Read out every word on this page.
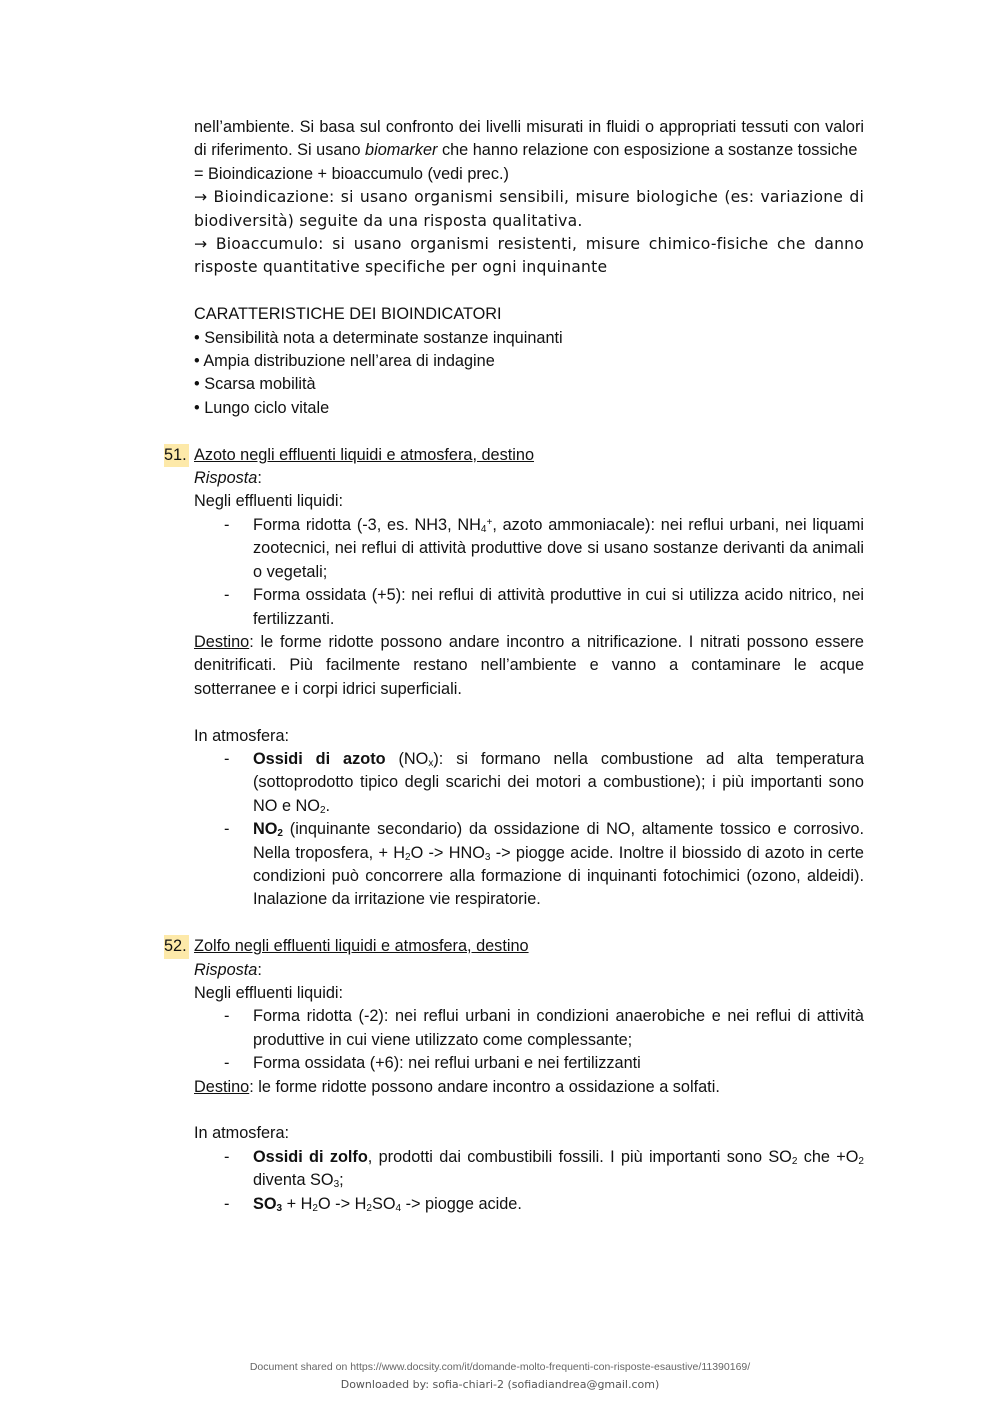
nell’ambiente. Si basa sul confronto dei livelli misurati in fluidi o appropriati tessuti con valori di riferimento. Si usano biomarker che hanno relazione con esposizione a sostanze tossiche

= Bioindicazione + bioaccumulo (vedi prec.)

→ Bioindicazione: si usano organismi sensibili, misure biologiche (es: variazione di biodiversità) seguite da una risposta qualitativa.

→ Bioaccumulo: si usano organismi resistenti, misure chimico-fisiche che danno risposte quantitative specifiche per ogni inquinante

CARATTERISTICHE DEI BIOINDICATORI

• Sensibilità nota a determinate sostanze inquinanti

• Ampia distribuzione nell’area di indagine

• Scarsa mobilità

• Lungo ciclo vitale

51. Azoto negli effluenti liquidi e atmosfera, destino

Risposta:

Negli effluenti liquidi:

- Forma ridotta (-3, es. NH3, $NH_4^+$, azoto ammoniacale): nei reflui urbani, nei liquami zootecnici, nei reflui di attività produttive dove si usano sostanze derivanti da animali o vegetali;
- Forma ossidata (+5): nei reflui di attività produttive in cui si utilizza acido nitrico, nei fertilizzanti.

Destino: le forme ridotte possono andare incontro a nitrificazione. I nitrati possono essere denitrificati. Più facilmente restano nell’ambiente e vanno a contaminare le acque sotterranee e i corpi idrici superficiali.

In atmosfera:

- Ossidi di azoto $(NO_x)$: si formano nella combustione ad alta temperatura (sottoprodotto tipico degli scarichi dei motori a combustione); i più importanti sono NO e $NO_2$.
- $NO_2$ (inquinante secondario) da ossidazione di NO, altamente tossico e corrosivo. Nella troposfera, + $H_2O -> HNO_3$ -> piogge acide. Inoltre il biossido di azoto in certe condizioni può concorrere alla formazione di inquinanti fotochimici (ozono, aldeidi). Inalazione da irritazione vie respiratorie.
52. Zolfo negli effluenti liquidi e atmosfera, destino

Risposta:

Negli effluenti liquidi:

- Forma ridotta (-2): nei reflui urbani in condizioni anaerobiche e nei reflui di attività produttive in cui viene utilizzato come complessante;
- Forma ossidata (+6): nei reflui urbani e nei fertilizzanti

Destino: le forme ridotte possono andare incontro a ossidazione a solfati.

In atmosfera:

- Ossidi di zolfo, prodotti dai combustibili fossili. I più importanti sono $SO_2$ che $+O_2$ diventa $SO_3$;
- $SO_3 + H_2O -> H_2SO_4$ -> piogge acide.
Document shared on https://www.docsity.com/it/domande-molto-frequenti-con-risposte-esaustive/11390169/
Downloaded by: sofia-chiari-2 (sofiadiandrea@gmail.com)
